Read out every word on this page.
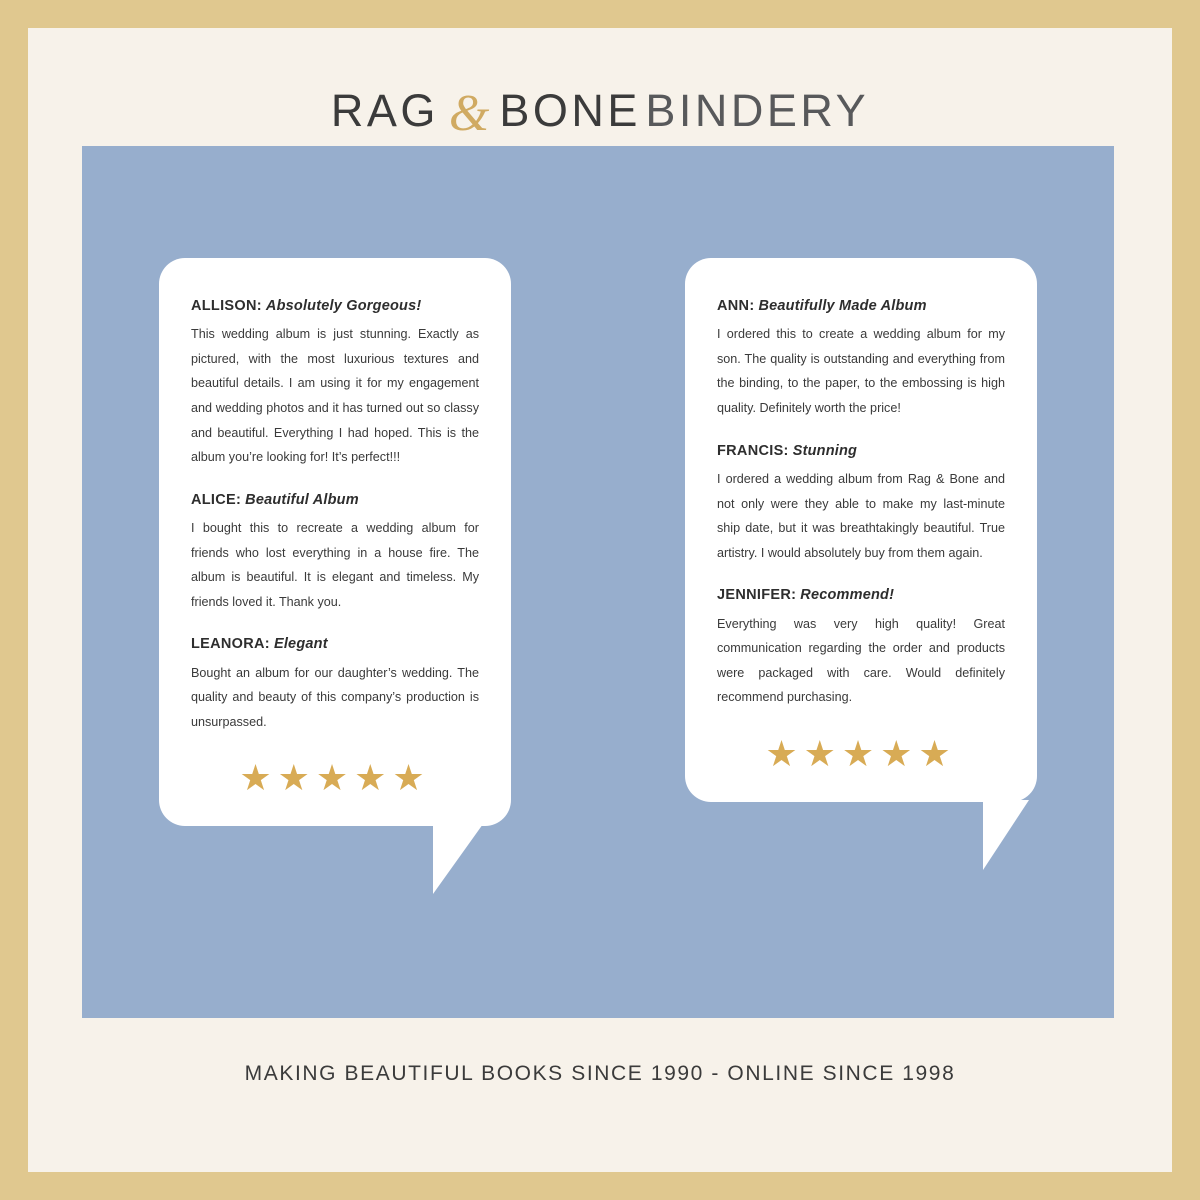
RAG & BONE BINDERY

ALLISON: Absolutely Gorgeous!

This wedding album is just stunning. Exactly as pictured, with the most luxurious textures and beautiful details. I am using it for my engagement and wedding photos and it has turned out so classy and beautiful. Everything I had hoped. This is the album you’re looking for! It’s perfect!!!

ALICE: Beautiful Album

I bought this to recreate a wedding album for friends who lost everything in a house fire. The album is beautiful. It is elegant and timeless. My friends loved it. Thank you.

LEANORA: Elegant

Bought an album for our daughter’s wedding. The quality and beauty of this company’s production is unsurpassed.

★★★★★

ANN: Beautifully Made Album

I ordered this to create a wedding album for my son. The quality is outstanding and everything from the binding, to the paper, to the embossing is high quality. Definitely worth the price!

FRANCIS: Stunning

I ordered a wedding album from Rag & Bone and not only were they able to make my last-minute ship date, but it was breathtakingly beautiful. True artistry. I would absolutely buy from them again.

JENNIFER: Recommend!

Everything was very high quality! Great communication regarding the order and products were packaged with care. Would definitely recommend purchasing.

★★★★★
MAKING BEAUTIFUL BOOKS SINCE 1990 - ONLINE SINCE 1998
